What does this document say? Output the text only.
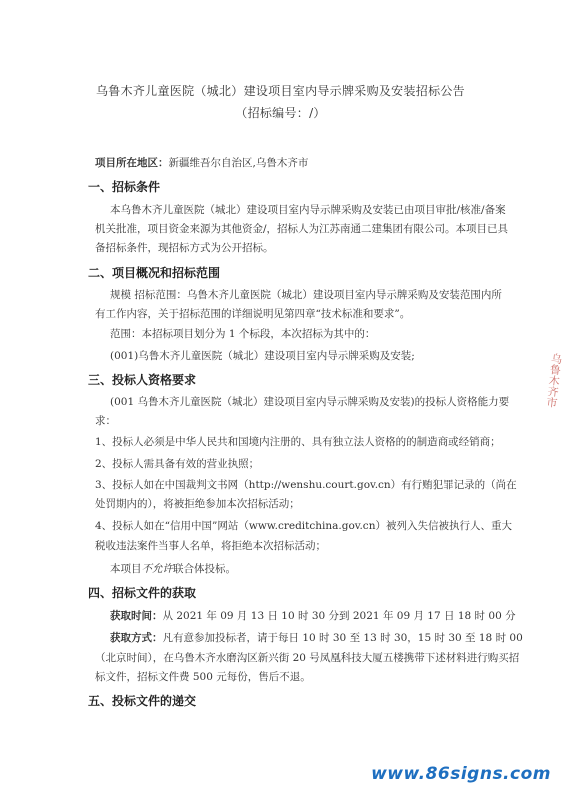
乌鲁木齐儿童医院（城北）建设项目室内导示牌采购及安装招标公告
（招标编号：/）
项目所在地区：新疆维吾尔自治区,乌鲁木齐市
一、招标条件
本乌鲁木齐儿童医院（城北）建设项目室内导示牌采购及安装已由项目审批/核准/备案
机关批准，项目资金来源为其他资金/，招标人为江苏南通二建集团有限公司。本项目已具
备招标条件，现招标方式为公开招标。
二、项目概况和招标范围
规模 招标范围：乌鲁木齐儿童医院（城北）建设项目室内导示牌采购及安装范围内所
有工作内容，关于招标范围的详细说明见第四章“技术标准和要求”。
范围：本招标项目划分为 1 个标段，本次招标为其中的：
(001)乌鲁木齐儿童医院（城北）建设项目室内导示牌采购及安装;
三、投标人资格要求
(001 乌鲁木齐儿童医院（城北）建设项目室内导示牌采购及安装)的投标人资格能力要
求：
1、投标人必须是中华人民共和国境内注册的、具有独立法人资格的的制造商或经销商；
2、投标人需具备有效的营业执照；
3、投标人如在中国裁判文书网（http://wenshu.court.gov.cn）有行贿犯罪记录的（尚在
处罚期内的），将被拒绝参加本次招标活动；
4、投标人如在“信用中国”网站（www.creditchina.gov.cn）被列入失信被执行人、重大
税收违法案件当事人名单，将拒绝本次招标活动；
本项目不允许联合体投标。
四、招标文件的获取
获取时间：从 2021 年 09 月 13 日 10 时 30 分到 2021 年 09 月 17 日 18 时 00 分
获取方式：凡有意参加投标者，请于每日 10 时 30 至 13 时 30，15 时 30 至 18 时 00
（北京时间），在乌鲁木齐水磨沟区新兴街 20 号凤凰科技大厦五楼携带下述材料进行购买招
标文件，招标文件费 500 元每份，售后不退。
五、投标文件的递交
乌鲁木齐市
www.86signs.com
